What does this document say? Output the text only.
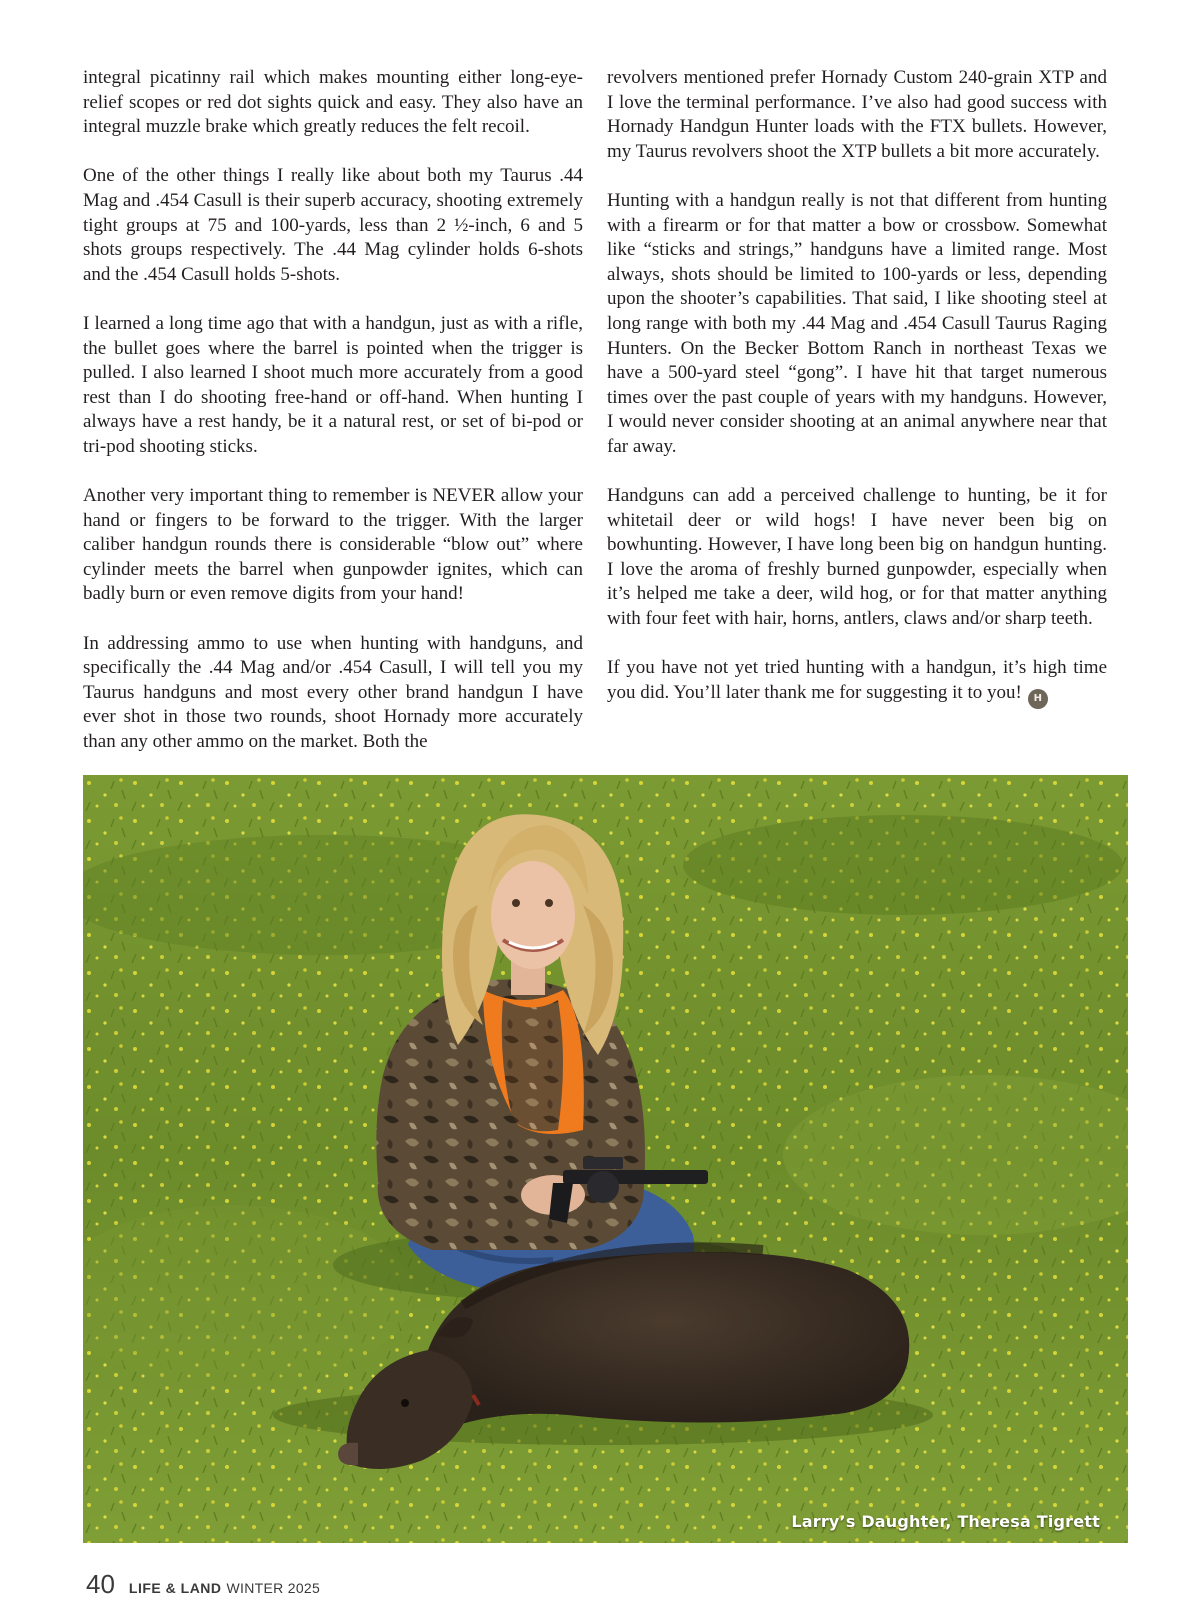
integral picatinny rail which makes mounting either long-eye-relief scopes or red dot sights quick and easy. They also have an integral muzzle brake which greatly reduces the felt recoil.

One of the other things I really like about both my Taurus .44 Mag and .454 Casull is their superb accuracy, shooting extremely tight groups at 75 and 100-yards, less than 2 ½-inch, 6 and 5 shots groups respectively. The .44 Mag cylinder holds 6-shots and the .454 Casull holds 5-shots.

I learned a long time ago that with a handgun, just as with a rifle, the bullet goes where the barrel is pointed when the trigger is pulled. I also learned I shoot much more accurately from a good rest than I do shooting free-hand or off-hand. When hunting I always have a rest handy, be it a natural rest, or set of bi-pod or tri-pod shooting sticks.

Another very important thing to remember is NEVER allow your hand or fingers to be forward to the trigger. With the larger caliber handgun rounds there is considerable “blow out” where cylinder meets the barrel when gunpowder ignites, which can badly burn or even remove digits from your hand!

In addressing ammo to use when hunting with handguns, and specifically the .44 Mag and/or .454 Casull, I will tell you my Taurus handguns and most every other brand handgun I have ever shot in those two rounds, shoot Hornady more accurately than any other ammo on the market. Both the

revolvers mentioned prefer Hornady Custom 240-grain XTP and I love the terminal performance. I’ve also had good success with Hornady Handgun Hunter loads with the FTX bullets. However, my Taurus revolvers shoot the XTP bullets a bit more accurately.

Hunting with a handgun really is not that different from hunting with a firearm or for that matter a bow or crossbow. Somewhat like “sticks and strings,” handguns have a limited range. Most always, shots should be limited to 100-yards or less, depending upon the shooter’s capabilities. That said, I like shooting steel at long range with both my .44 Mag and .454 Casull Taurus Raging Hunters. On the Becker Bottom Ranch in northeast Texas we have a 500-yard steel “gong”. I have hit that target numerous times over the past couple of years with my handguns. However, I would never consider shooting at an animal anywhere near that far away.

Handguns can add a perceived challenge to hunting, be it for whitetail deer or wild hogs! I have never been big on bowhunting. However, I have long been big on handgun hunting. I love the aroma of freshly burned gunpowder, especially when it’s helped me take a deer, wild hog, or for that matter anything with four feet with hair, horns, antlers, claws and/or sharp teeth.

If you have not yet tried hunting with a handgun, it’s high time you did. You’ll later thank me for suggesting it to you! H

Larry’s Daughter, Theresa Tigrett
40 LIFE & LAND WINTER 2025
